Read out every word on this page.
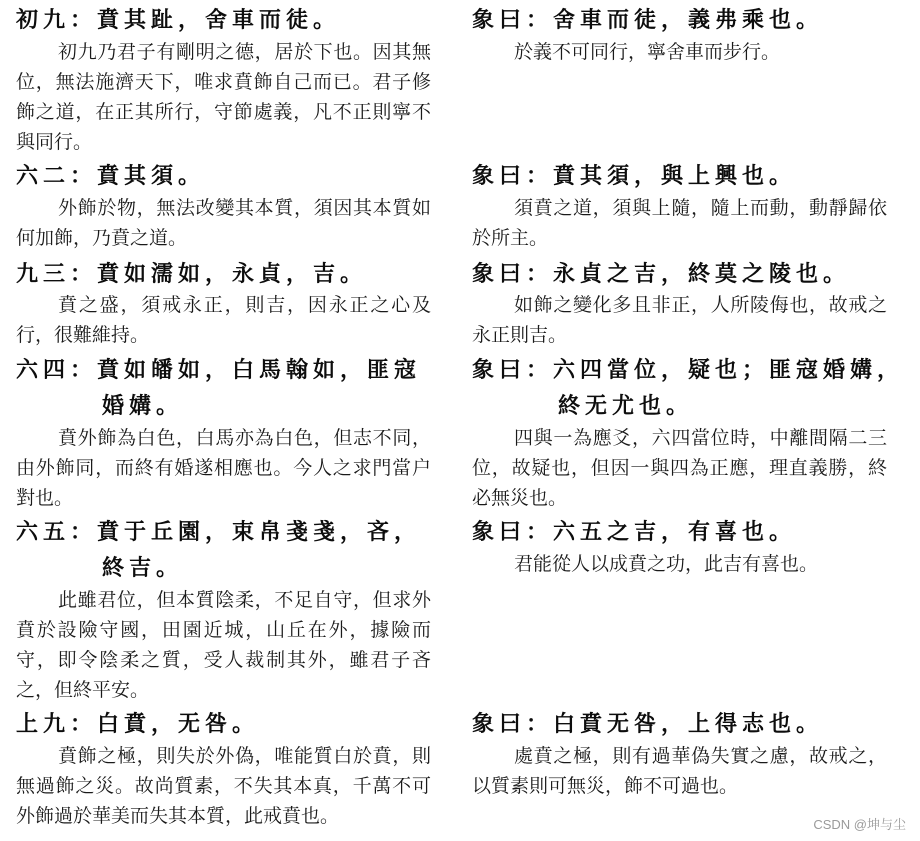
初九：賁其趾，舍車而徒。
初九乃君子有剛明之德，居於下也。因其無位，無法施濟天下，唯求賁飾自己而已。君子修飾之道，在正其所行，守節處義，凡不正則寧不與同行。
六二：賁其須。
外飾於物，無法改變其本質，須因其本質如何加飾，乃賁之道。
九三：賁如濡如，永貞，吉。
賁之盛，須戒永正，則吉，因永正之心及行，很難維持。
六四：賁如皤如，白馬翰如，匪寇
婚媾。
賁外飾為白色，白馬亦為白色，但志不同，由外飾同，而終有婚遂相應也。今人之求門當户對也。
六五：賁于丘園，束帛戔戔，吝，
終吉。
此雖君位，但本質陰柔，不足自守，但求外賁於設險守國，田園近城，山丘在外，據險而守，即令陰柔之質，受人裁制其外，雖君子吝之，但終平安。
上九：白賁，无咎。
賁飾之極，則失於外偽，唯能質白於賁，則無過飾之災。故尚質素，不失其本真，千萬不可外飾過於華美而失其本質，此戒賁也。
象曰：舍車而徒，義弗乘也。
於義不可同行，寧舍車而步行。
象曰：賁其須，與上興也。
須賁之道，須與上隨，隨上而動，動靜歸依於所主。
象曰：永貞之吉，終莫之陵也。
如飾之變化多且非正，人所陵侮也，故戒之永正則吉。
象曰：六四當位，疑也；匪寇婚媾，
終无尤也。
四與一為應爻，六四當位時，中離間隔二三位，故疑也，但因一與四為正應，理直義勝，終必無災也。
象曰：六五之吉，有喜也。
君能從人以成賁之功，此吉有喜也。
象曰：白賁无咎，上得志也。
處賁之極，則有過華偽失實之慮，故戒之，以質素則可無災，飾不可過也。
CSDN @坤与尘
